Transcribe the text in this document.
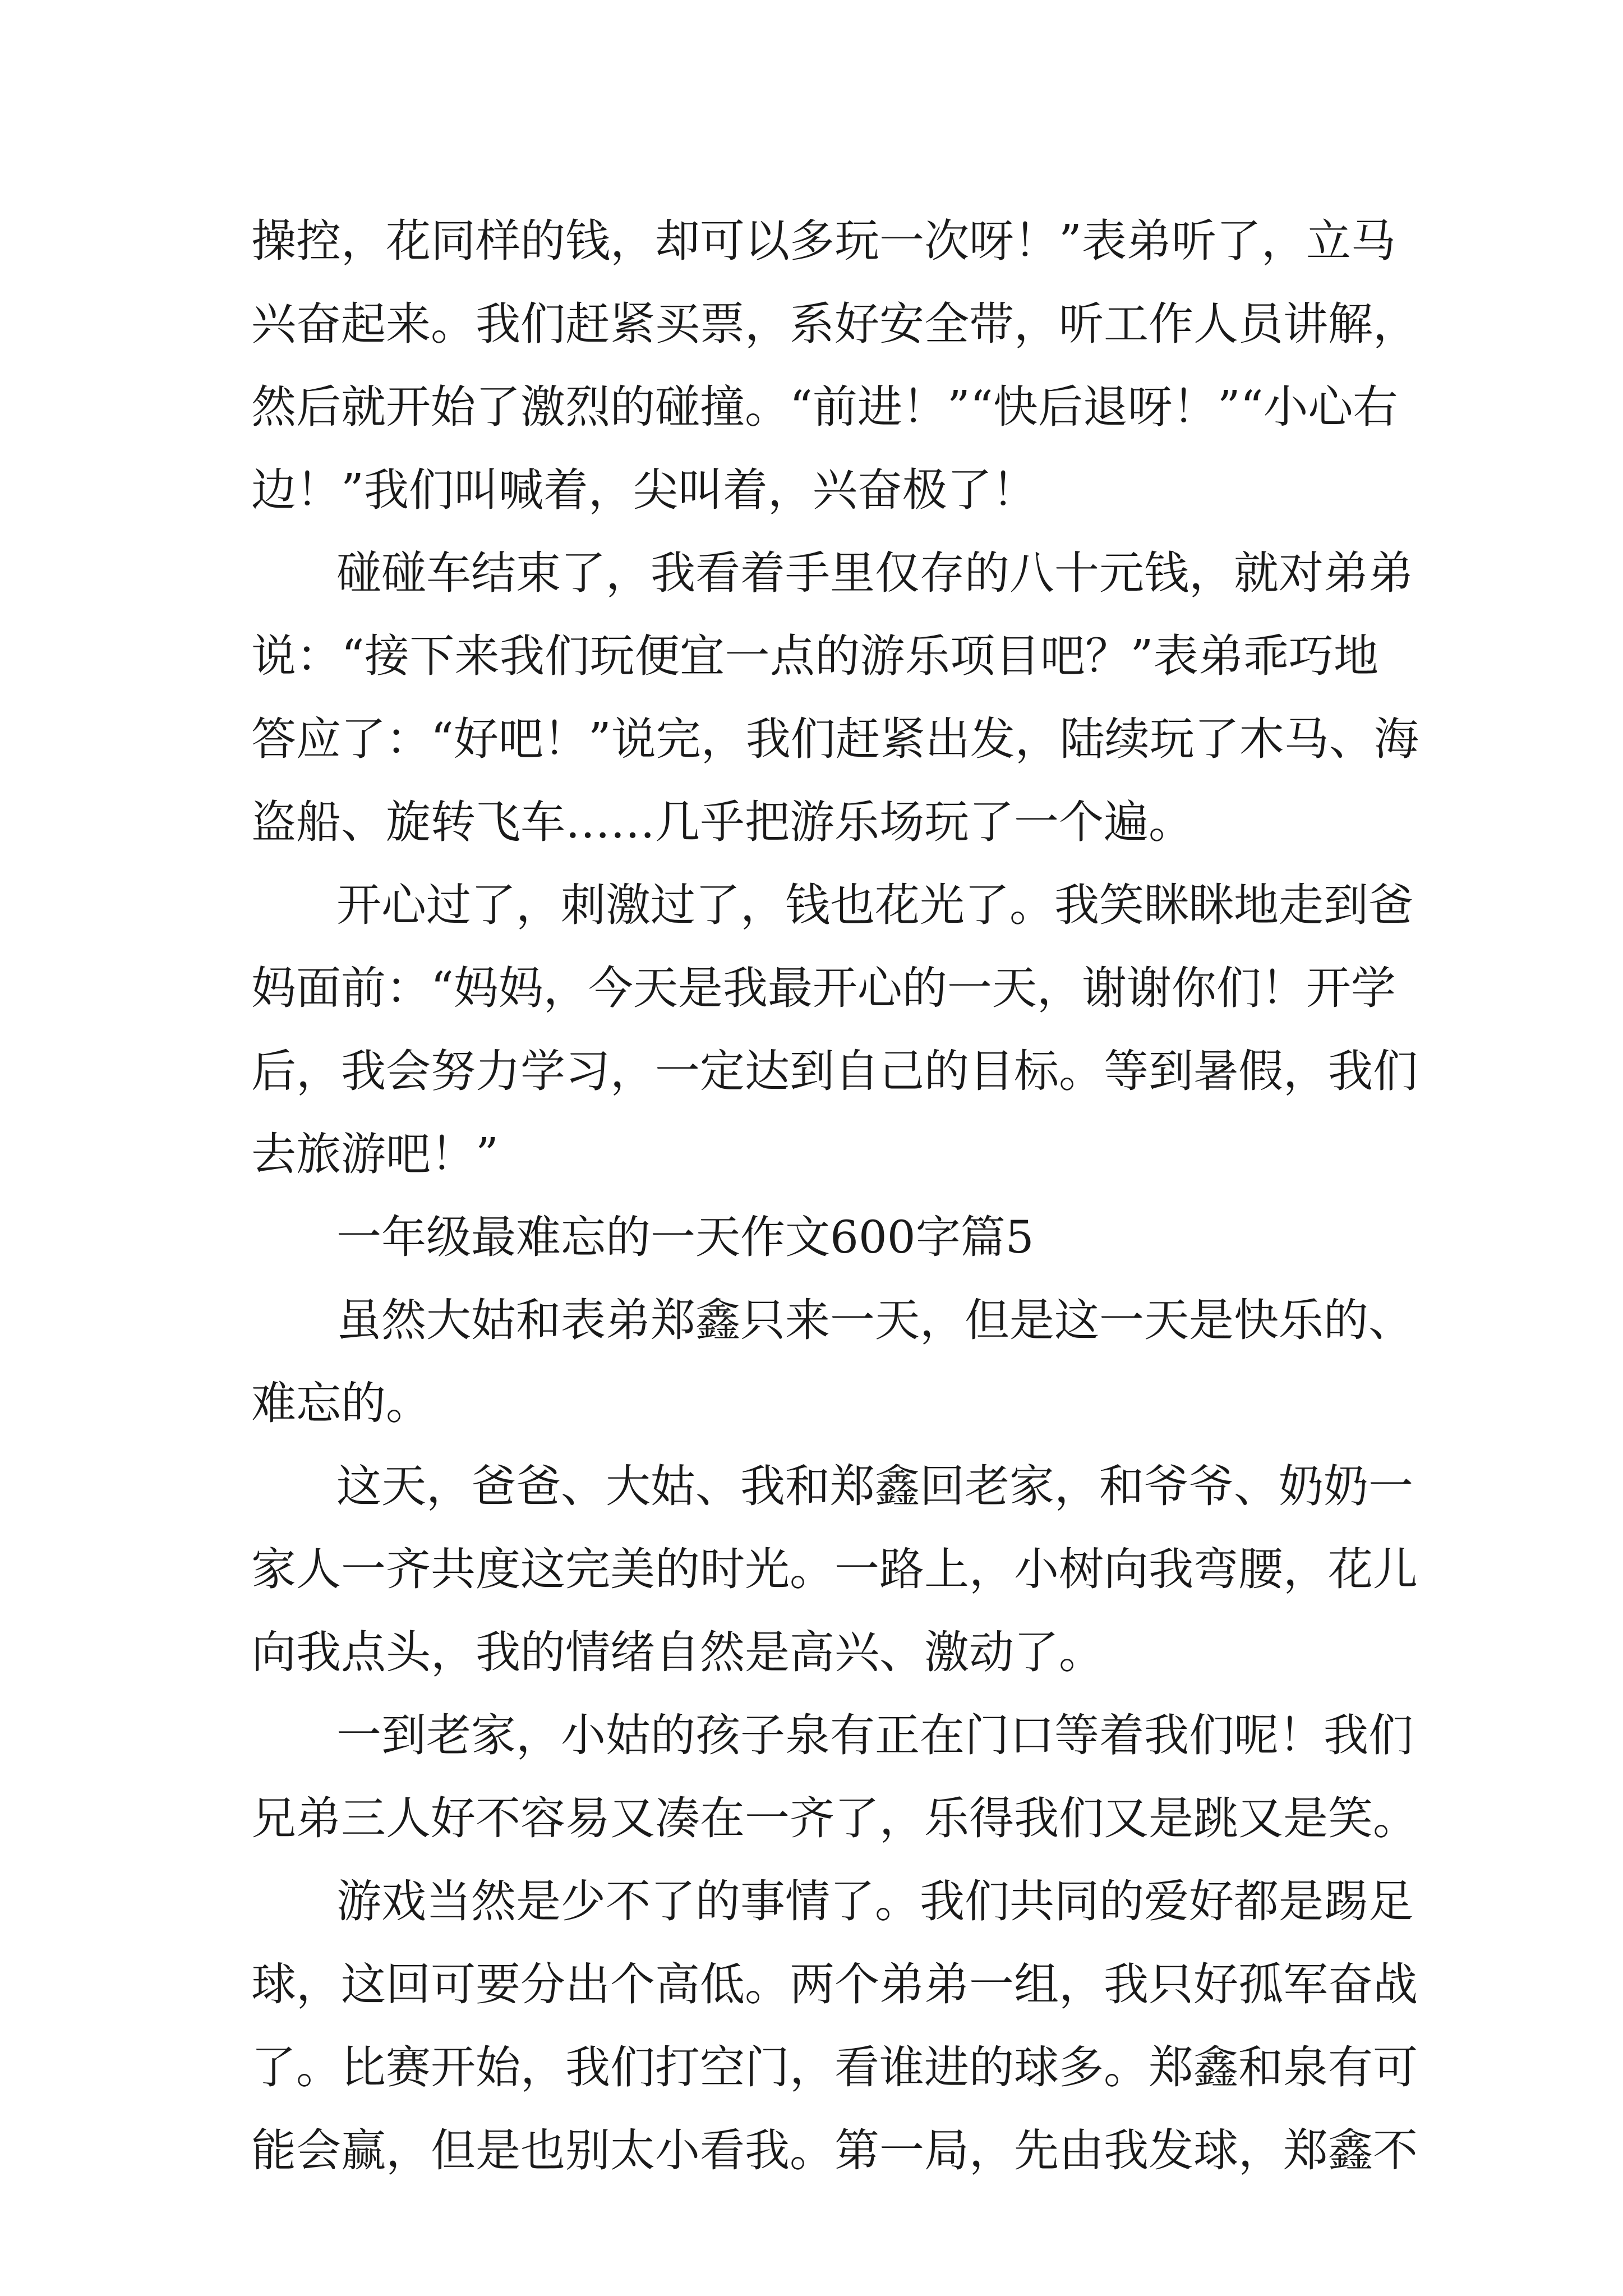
操控，花同样的钱，却可以多玩一次呀！”表弟听了，立马
兴奋起来。我们赶紧买票，系好安全带，听工作人员讲解，
然后就开始了激烈的碰撞。“前进！”“快后退呀！”“小心右
边！”我们叫喊着，尖叫着，兴奋极了！
碰碰车结束了，我看着手里仅存的八十元钱，就对弟弟
说：“接下来我们玩便宜一点的游乐项目吧？”表弟乖巧地
答应了：“好吧！”说完，我们赶紧出发，陆续玩了木马、海
盗船、旋转飞车……几乎把游乐场玩了一个遍。
开心过了，刺激过了，钱也花光了。我笑眯眯地走到爸
妈面前：“妈妈，今天是我最开心的一天，谢谢你们！开学
后，我会努力学习，一定达到自己的目标。等到暑假，我们
去旅游吧！”
一年级最难忘的一天作文600字篇5
虽然大姑和表弟郑鑫只来一天，但是这一天是快乐的、
难忘的。
这天，爸爸、大姑、我和郑鑫回老家，和爷爷、奶奶一
家人一齐共度这完美的时光。一路上，小树向我弯腰，花儿
向我点头，我的情绪自然是高兴、激动了。
一到老家，小姑的孩子泉有正在门口等着我们呢！我们
兄弟三人好不容易又凑在一齐了，乐得我们又是跳又是笑。
游戏当然是少不了的事情了。我们共同的爱好都是踢足
球，这回可要分出个高低。两个弟弟一组，我只好孤军奋战
了。比赛开始，我们打空门，看谁进的球多。郑鑫和泉有可
能会赢，但是也别太小看我。第一局，先由我发球，郑鑫不
